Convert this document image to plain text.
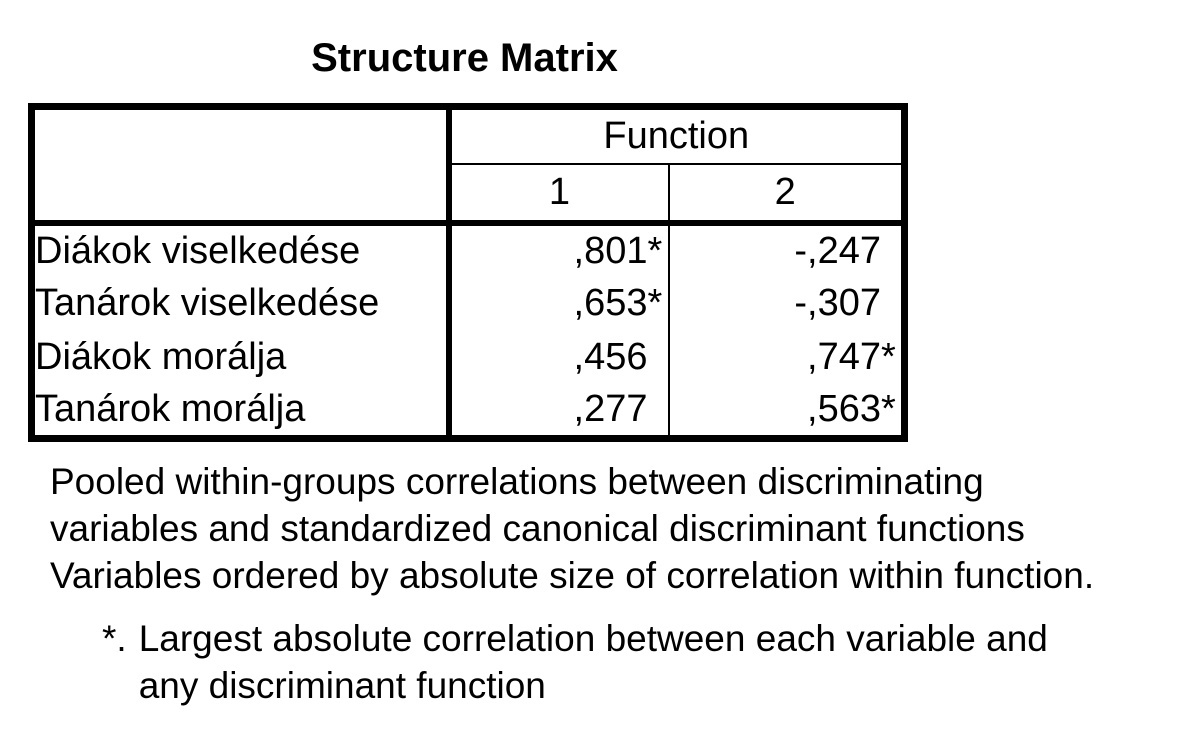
Structure Matrix
	Function	
	1	2
Diákok viselkedése	,801*	-,247
Tanárok viselkedése	,653*	-,307
Diákok morálja	,456	,747*
Tanárok morálja	,277	,563*
Pooled within-groups correlations between discriminating
variables and standardized canonical discriminant functions
Variables ordered by absolute size of correlation within function.
*. Largest absolute correlation between each variable and
any discriminant function
